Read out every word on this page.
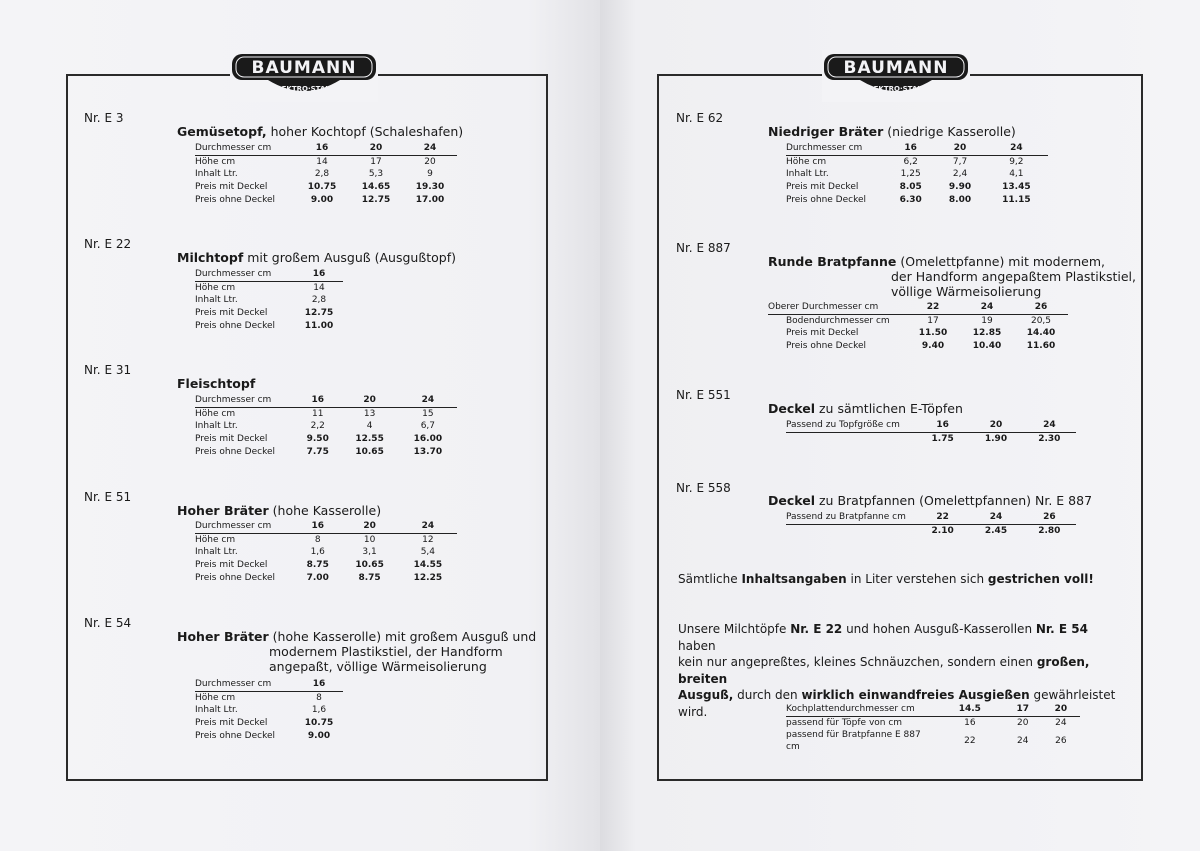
BAUMANN
ELEKTRO·STAHL
BAUMANN
ELEKTRO·STAHL
Nr. E 3
Gemüsetopf, hoher Kochtopf (Schaleshafen)
Durchmesser cm	16	20	24
Höhe cm	14	17	20
Inhalt Ltr.	2,8	5,3	9
Preis mit Deckel	10.75	14.65	19.30
Preis ohne Deckel	9.00	12.75	17.00
Nr. E 22
Milchtopf mit großem Ausguß (Ausgußtopf)
Durchmesser cm	16
Höhe cm	14
Inhalt Ltr.	2,8
Preis mit Deckel	12.75
Preis ohne Deckel	11.00
Nr. E 31
Fleischtopf
Durchmesser cm	16	20	24
Höhe cm	11	13	15
Inhalt Ltr.	2,2	4	6,7
Preis mit Deckel	9.50	12.55	16.00
Preis ohne Deckel	7.75	10.65	13.70
Nr. E 51
Hoher Bräter (hohe Kasserolle)
Durchmesser cm	16	20	24
Höhe cm	8	10	12
Inhalt Ltr.	1,6	3,1	5,4
Preis mit Deckel	8.75	10.65	14.55
Preis ohne Deckel	7.00	8.75	12.25
Nr. E 54
Hoher Bräter (hohe Kasserolle) mit großem Ausguß und
modernem Plastikstiel, der Handform
angepaßt, völlige Wärmeisolierung
Durchmesser cm	16
Höhe cm	8
Inhalt Ltr.	1,6
Preis mit Deckel	10.75
Preis ohne Deckel	9.00
Nr. E 62
Niedriger Bräter (niedrige Kasserolle)
Durchmesser cm	16	20	24
Höhe cm	6,2	7,7	9,2
Inhalt Ltr.	1,25	2,4	4,1
Preis mit Deckel	8.05	9.90	13.45
Preis ohne Deckel	6.30	8.00	11.15
Nr. E 887
Runde Bratpfanne (Omelettpfanne) mit modernem,
der Handform angepaßtem Plastikstiel,
völlige Wärmeisolierung
Oberer Durchmesser cm	22	24	26
Bodendurchmesser cm	17	19	20,5
Preis mit Deckel	11.50	12.85	14.40
Preis ohne Deckel	9.40	10.40	11.60
Nr. E 551
Deckel zu sämtlichen E-Töpfen
Passend zu Topfgröße cm	16	20	24
	1.75	1.90	2.30
Nr. E 558
Deckel zu Bratpfannen (Omelettpfannen) Nr. E 887
Passend zu Bratpfanne cm	22	24	26
	2.10	2.45	2.80
Sämtliche Inhaltsangaben in Liter verstehen sich gestrichen voll!
Unsere Milchtöpfe Nr. E 22 und hohen Ausguß-Kasserollen Nr. E 54 haben
kein nur angepreßtes, kleines Schnäuzchen, sondern einen großen, breiten
Ausguß, durch den wirklich einwandfreies Ausgießen gewährleistet wird.	Kochplattendurchmesser cm	14.5	17	20
passend für Töpfe von cm	16	20	24
passend für Bratpfanne E 887 cm	22	24	26
